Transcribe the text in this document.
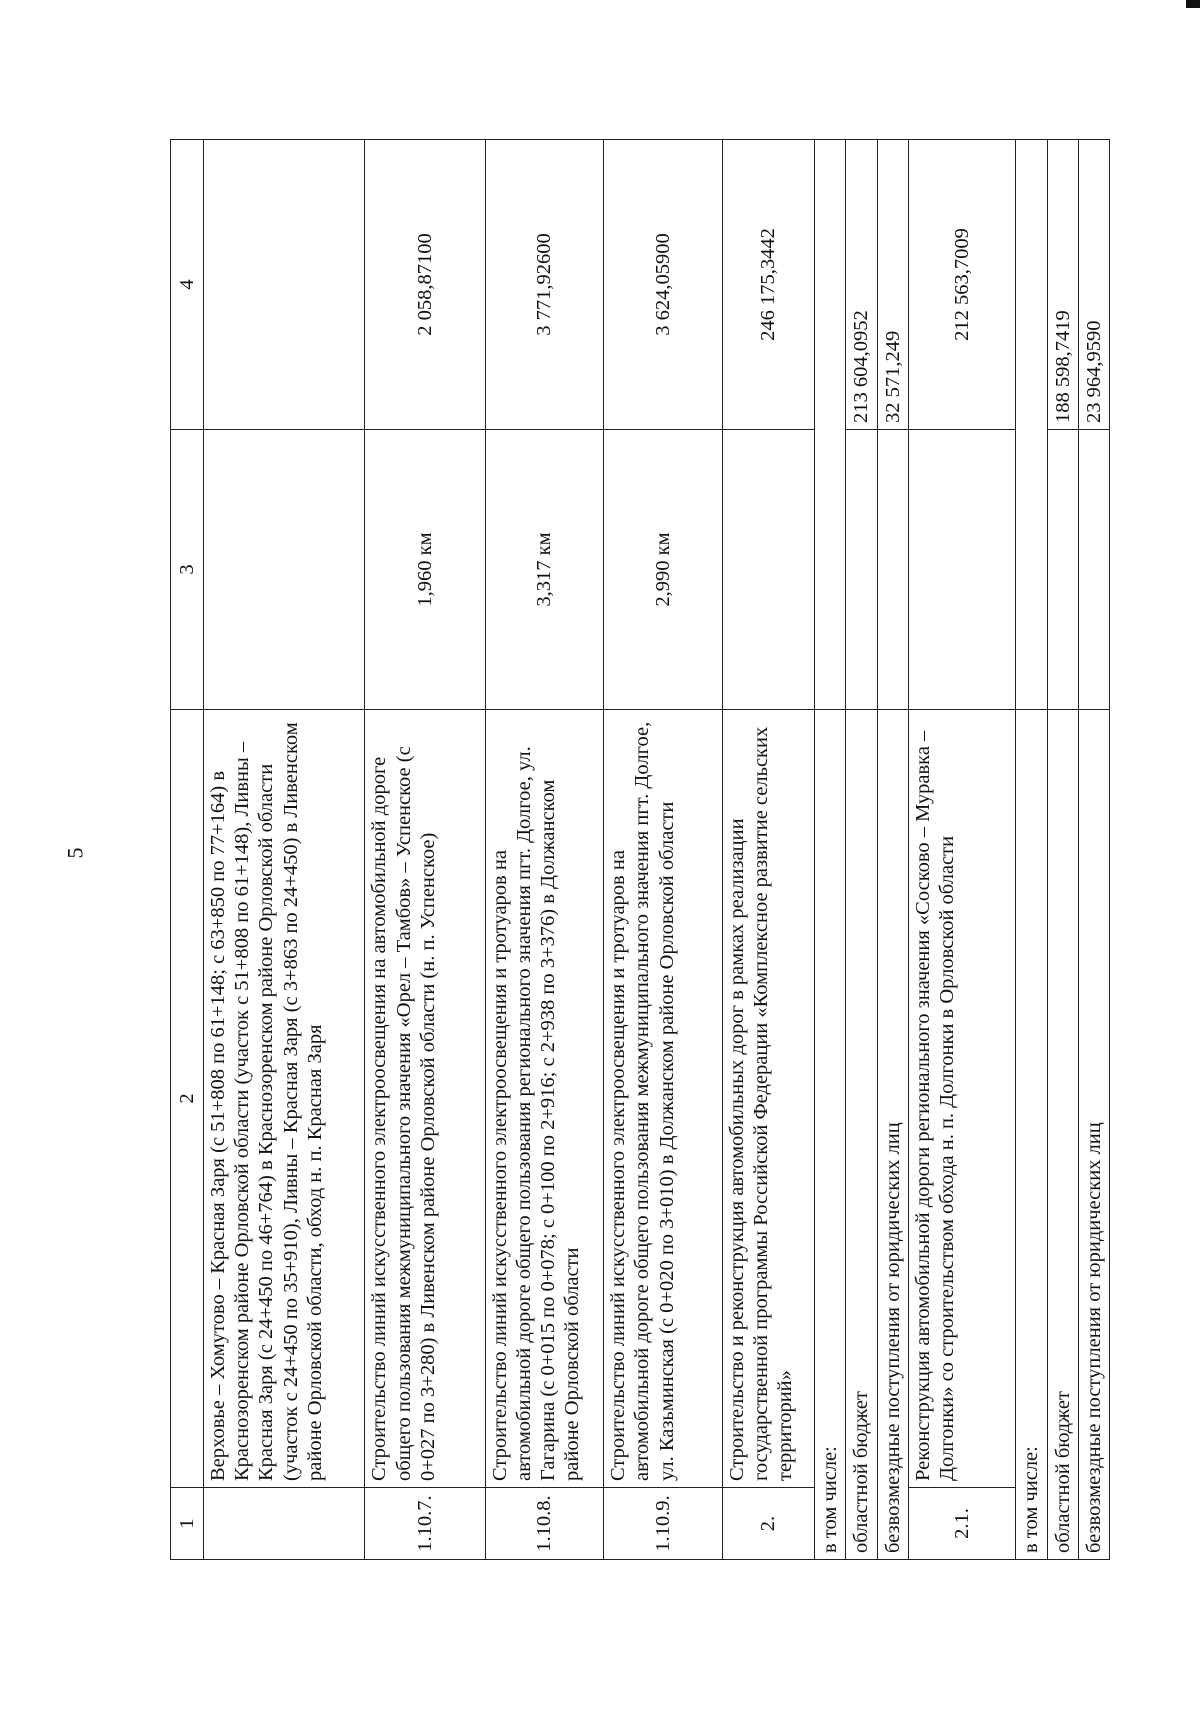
5
1	2	3	4
	Верховье – Хомутово – Красная Заря (с 51+808 по 61+148; с 63+850 по 77+164) в Краснозоренском районе Орловской области (участок с 51+808 по 61+148), Ливны – Красная Заря (с 24+450 по 46+764) в Краснозоренском районе Орловской области (участок с 24+450 по 35+910), Ливны – Красная Заря (с 3+863 по 24+450) в Ливенском районе Орловской области, обход н. п. Красная Заря		
1.10.7.	Строительство линий искусственного электроосвещения на автомобильной дороге общего пользования межмуниципального значения «Орел – Тамбов» – Успенское (с 0+027 по 3+280) в Ливенском районе Орловской области (н. п. Успенское)	1,960 км	2 058,87100
1.10.8.	Строительство линий искусственного электроосвещения и тротуаров на автомобильной дороге общего пользования регионального значения пгт. Долгое, ул. Гагарина (с 0+015 по 0+078; с 0+100 по 2+916; с 2+938 по 3+376) в Должанском районе Орловской области	3,317 км	3 771,92600
1.10.9.	Строительство линий искусственного электроосвещения и тротуаров на автомобильной дороге общего пользования межмуниципального значения пгт. Долгое, ул. Казьминская (с 0+020 по 3+010) в Должанском районе Орловской области	2,990 км	3 624,05900
2.	Строительство и реконструкция автомобильных дорог в рамках реализации государственной программы Российской Федерации «Комплексное развитие сельских территорий»		246 175,3442
в том числе:			
областной бюджет			213 604,0952
безвозмездные поступления от юридических лиц			32 571,249
2.1.	Реконструкция автомобильной дороги регионального значения «Сосково – Муравка – Долгонки» со строительством обхода н. п. Долгонки в Орловской области		212 563,7009
в том числе:			
областной бюджет			188 598,7419
безвозмездные поступления от юридических лиц			23 964,9590
